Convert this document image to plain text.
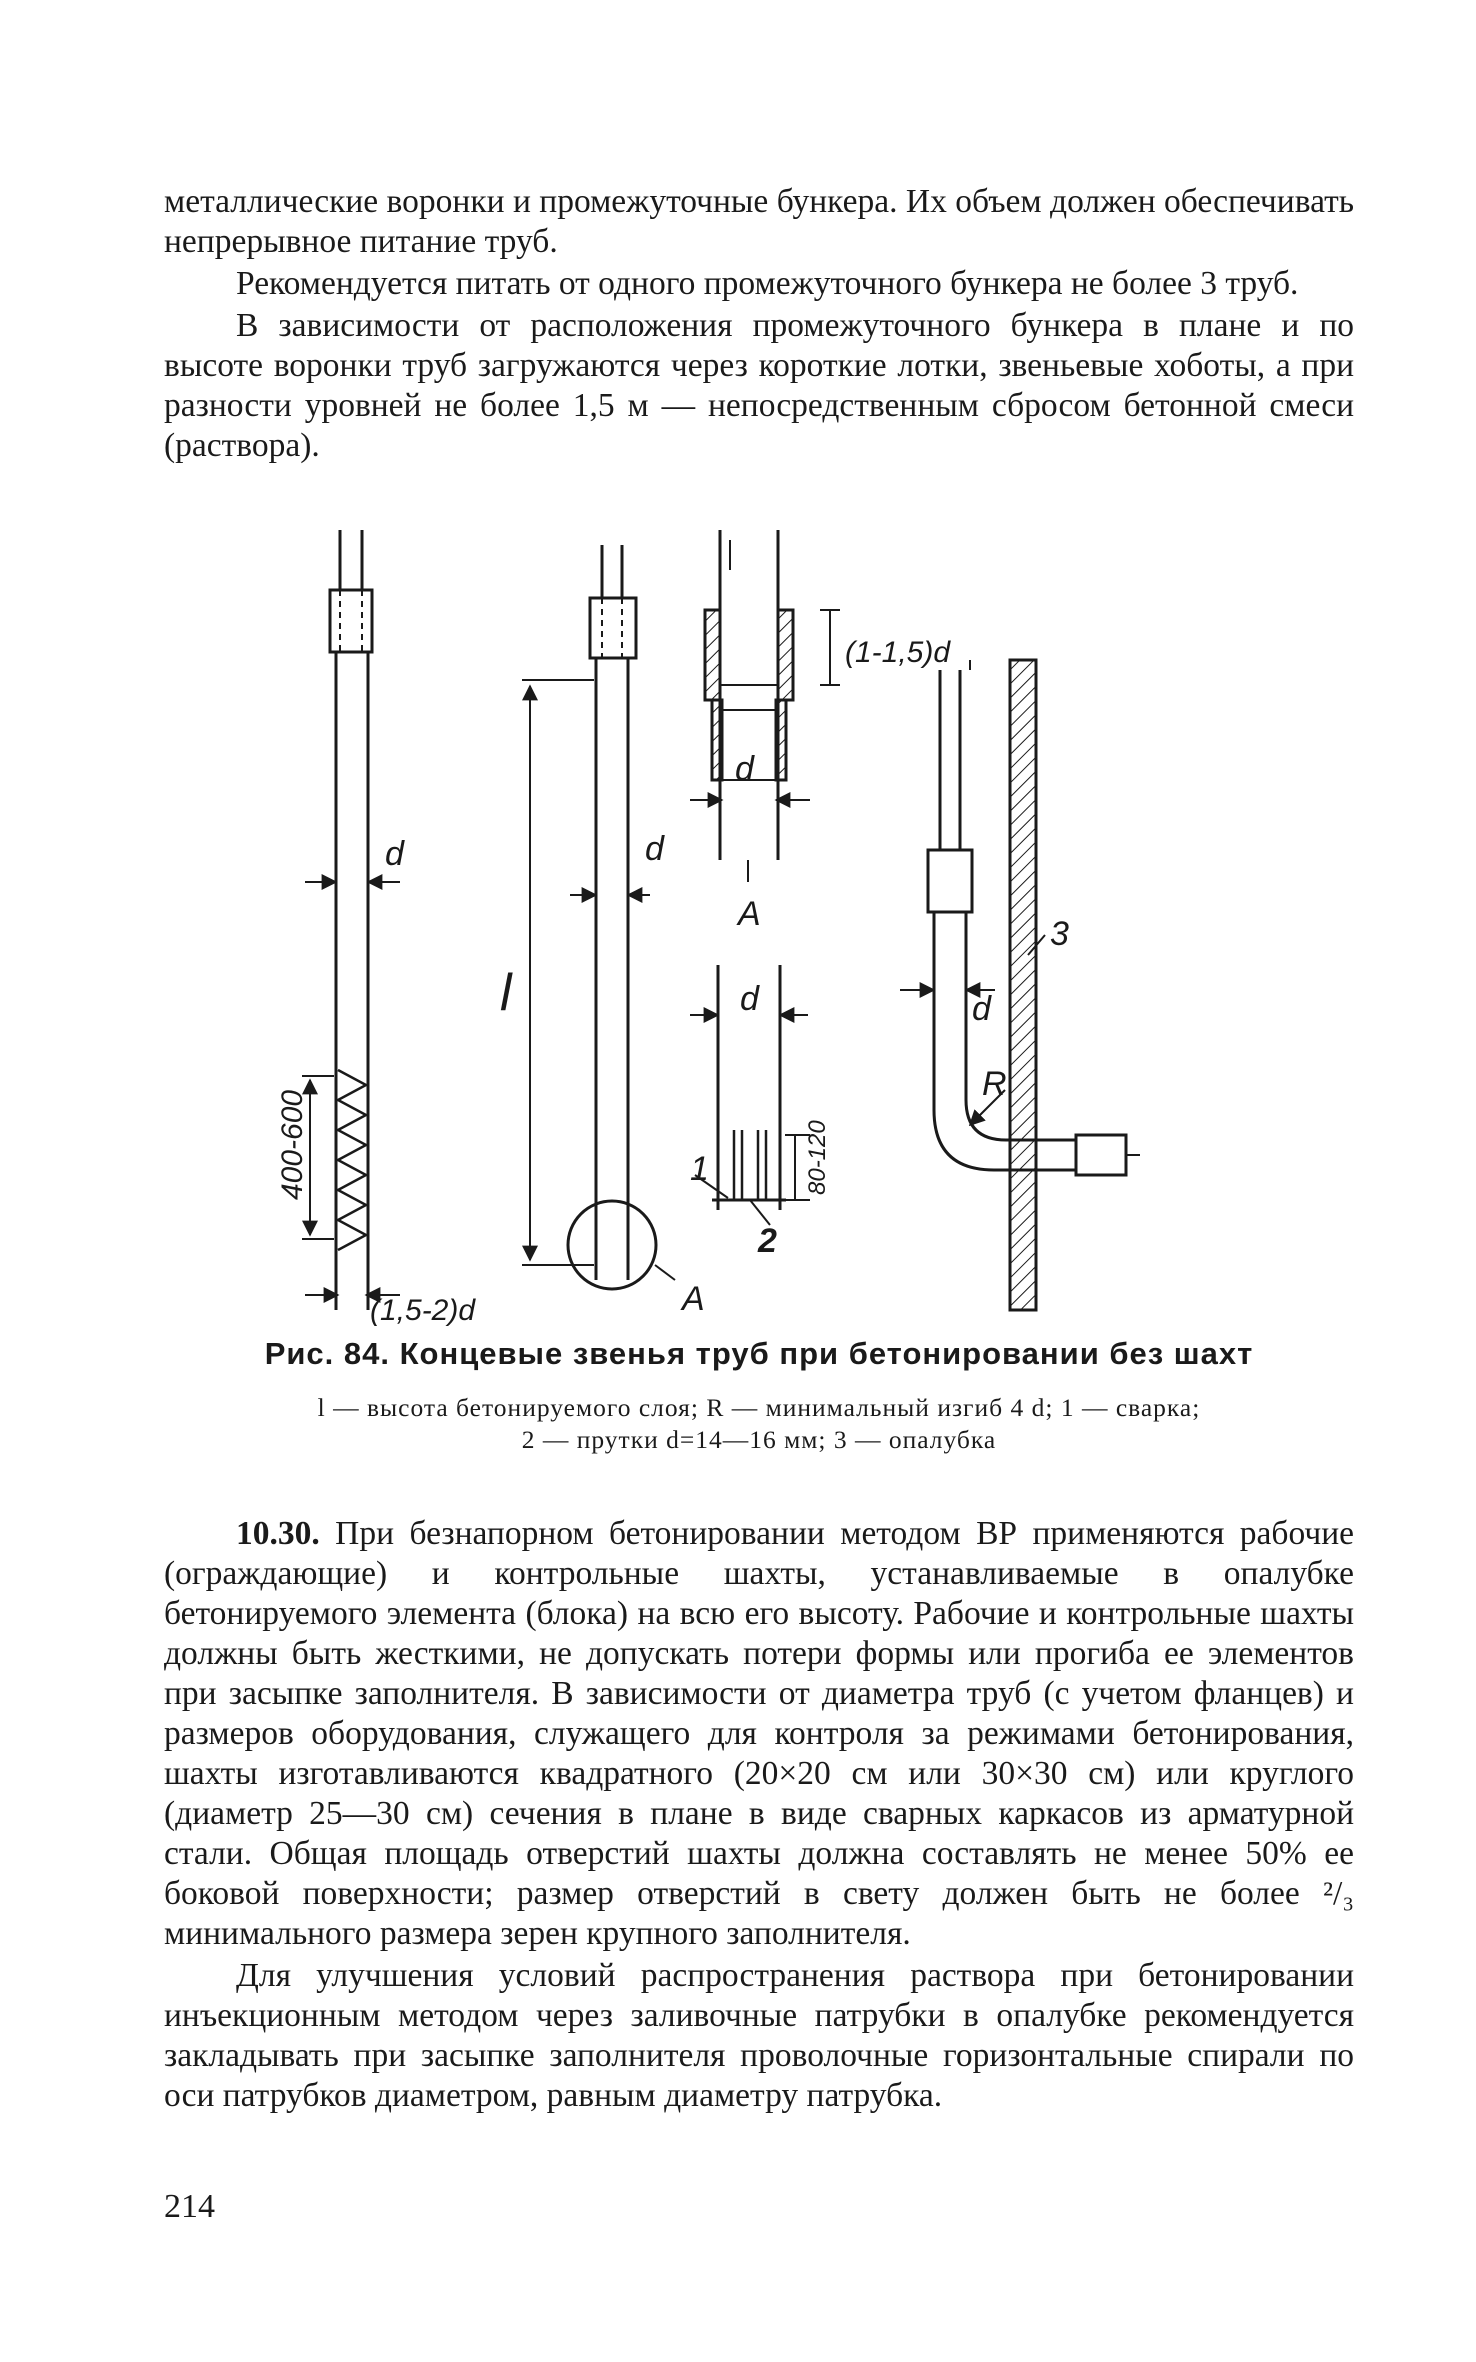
металлические воронки и промежуточные бункера. Их объем должен обеспечивать непрерывное питание труб.

Рекомендуется питать от одного промежуточного бункера не более 3 труб.

В зависимости от расположения промежуточного бункера в плане и по высоте воронки труб загружаются через короткие лотки, звеньевые хоботы, а при разности уровней не более 1,5 м — непосредственным сбросом бетонной смеси (раствора).

d
400-600
(1,5-2)d
l
d
A
d
(1-1,5)d
A
d
80-120
1
2
d
R
3
Рис. 84. Концевые звенья труб при бетонировании без шахт
l — высота бетонируемого слоя; R — минимальный изгиб 4 d; 1 — сварка;
2 — прутки d=14—16 мм; 3 — опалубка

10.30. При безнапорном бетонировании методом ВР применяются рабочие (ограждающие) и контрольные шахты, устанавливаемые в опалубке бетонируемого элемента (блока) на всю его высоту. Рабочие и контрольные шахты должны быть жесткими, не допускать потери формы или прогиба ее элементов при засыпке заполнителя. В зависимости от диаметра труб (с учетом фланцев) и размеров оборудования, служащего для контроля за режимами бетонирования, шахты изготавливаются квадратного (20×20 см или 30×30 см) или круглого (диаметр 25—30 см) сечения в плане в виде сварных каркасов из арматурной стали. Общая площадь отверстий шахты должна составлять не менее 50% ее боковой поверхности; размер отверстий в свету должен быть не более ²/₃ минимального размера зерен крупного заполнителя.

Для улучшения условий распространения раствора при бетонировании инъекционным методом через заливочные патрубки в опалубке рекомендуется закладывать при засыпке заполнителя проволочные горизонтальные спирали по оси патрубков диаметром, равным диаметру патрубка.

214
